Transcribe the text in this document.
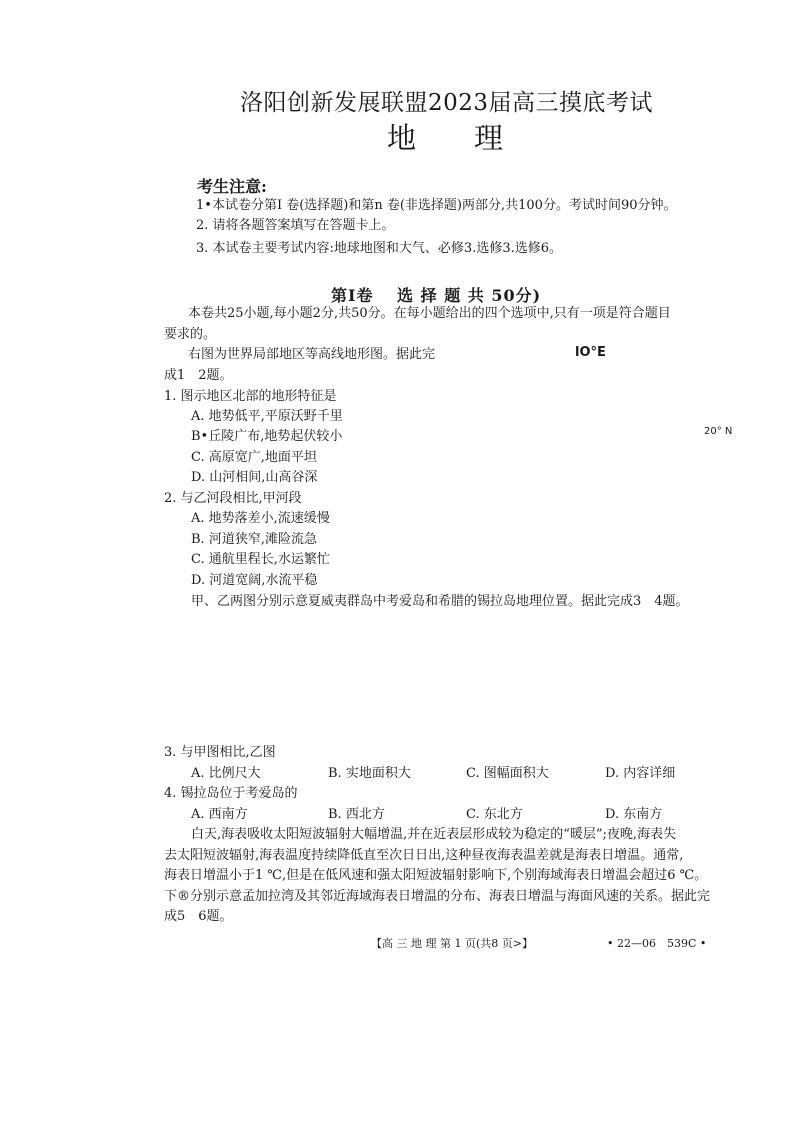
洛阳创新发展联盟2023届高三摸底考试
地理
考生注意:
1•本试卷分第I 卷(选择题)和第n 卷(非选择题)两部分,共100分。考试时间90分钟。
2. 请将各题答案填写在答题卡上。
3. 本试卷主要考试内容:地球地图和大气、必修3.选修3.选修6。
第I卷　 选 择 题 共 50分)
本卷共25小题,每小题2分,共50分。在每小题给出的四个选项中,只有一项是符合题目
要求的。
右图为世界局部地区等高线地形图。据此完	lO°E
成1　2题。
20° N
1. 图示地区北部的地形特征是
A. 地势低平,平原沃野千里
B•丘陵广布,地势起伏较小
C. 高原宽广,地面平坦
D. 山河相间,山高谷深
2. 与乙河段相比,甲河段
A. 地势落差小,流速缓慢
B. 河道狭窄,滩险流急
C. 通航里程长,水运繁忙
D. 河道宽阔,水流平稳
甲、乙两图分别示意夏威夷群岛中考爱岛和希腊的锡拉岛地理位置。据此完成3　4题。
3. 与甲图相比,乙图
A. 比例尺大	B. 实地面积大	C. 图幅面积大	D. 内容详细
4. 锡拉岛位于考爱岛的
A. 西南方	B. 西北方	C. 东北方	D. 东南方
白天,海表吸收太阳短波辐射大幅增温,并在近表层形成较为稳定的“暖层”;夜晚,海表失
去太阳短波辐射,海表温度持续降低直至次日日出,这种昼夜海表温差就是海表日增温。通常,
海表日增温小于1 ℃,但是在低风速和强太阳短波辐射影响下,个别海域海表日增温会超过6 ℃。
下®分别示意孟加拉湾及其邻近海域海表日增温的分布、海表日增温与海面风速的关系。据此完
成5　6题。
【高 三 地 理 第 1 页(共8 页>】	• 22—06　539C •
